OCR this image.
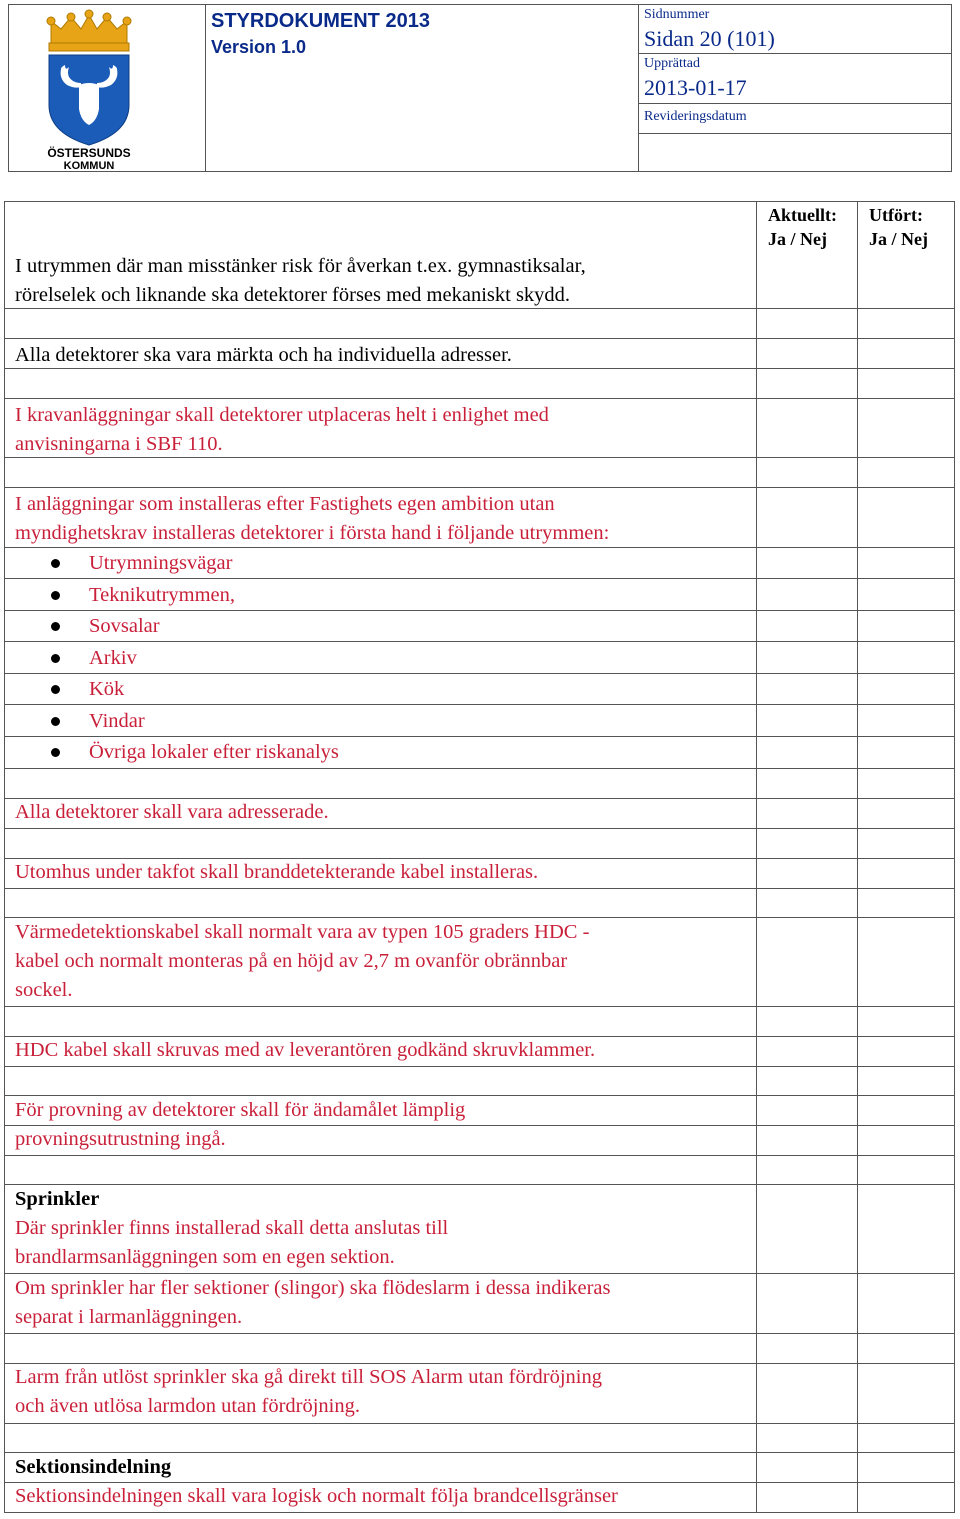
ÖSTERSUNDS
KOMMUN
STYRDOKUMENT 2013
Version 1.0
Sidnummer
Sidan 20 (101)
Upprättad
2013-01-17
Revideringsdatum
Aktuellt:
Ja / Nej
Utfört:
Ja / Nej
I utrymmen där man misstänker risk för åverkan t.ex. gymnastiksalar,
rörelselek och liknande ska detektorer förses med mekaniskt skydd.
Alla detektorer ska vara märkta och ha individuella adresser.
I kravanläggningar skall detektorer utplaceras helt i enlighet med
anvisningarna i SBF 110.
I anläggningar som installeras efter Fastighets egen ambition utan
myndighetskrav installeras detektorer i första hand i följande utrymmen:
Utrymningsvägar
Teknikutrymmen,
Sovsalar
Arkiv
Kök
Vindar
Övriga lokaler efter riskanalys
Alla detektorer skall vara adresserade.
Utomhus under takfot skall branddetekterande kabel installeras.
Värmedetektionskabel skall normalt vara av typen 105 graders HDC -
kabel och normalt monteras på en höjd av 2,7 m ovanför obrännbar
sockel.
HDC kabel skall skruvas med av leverantören godkänd skruvklammer.
För provning av detektorer skall för ändamålet lämplig
provningsutrustning ingå.
Sprinkler
Där sprinkler finns installerad skall detta anslutas till
brandlarmsanläggningen som en egen sektion.
Om sprinkler har fler sektioner (slingor) ska flödeslarm i dessa indikeras
separat i larmanläggningen.
Larm från utlöst sprinkler ska gå direkt till SOS Alarm utan fördröjning
och även utlösa larmdon utan fördröjning.
Sektionsindelning
Sektionsindelningen skall vara logisk och normalt följa brandcellsgränser
